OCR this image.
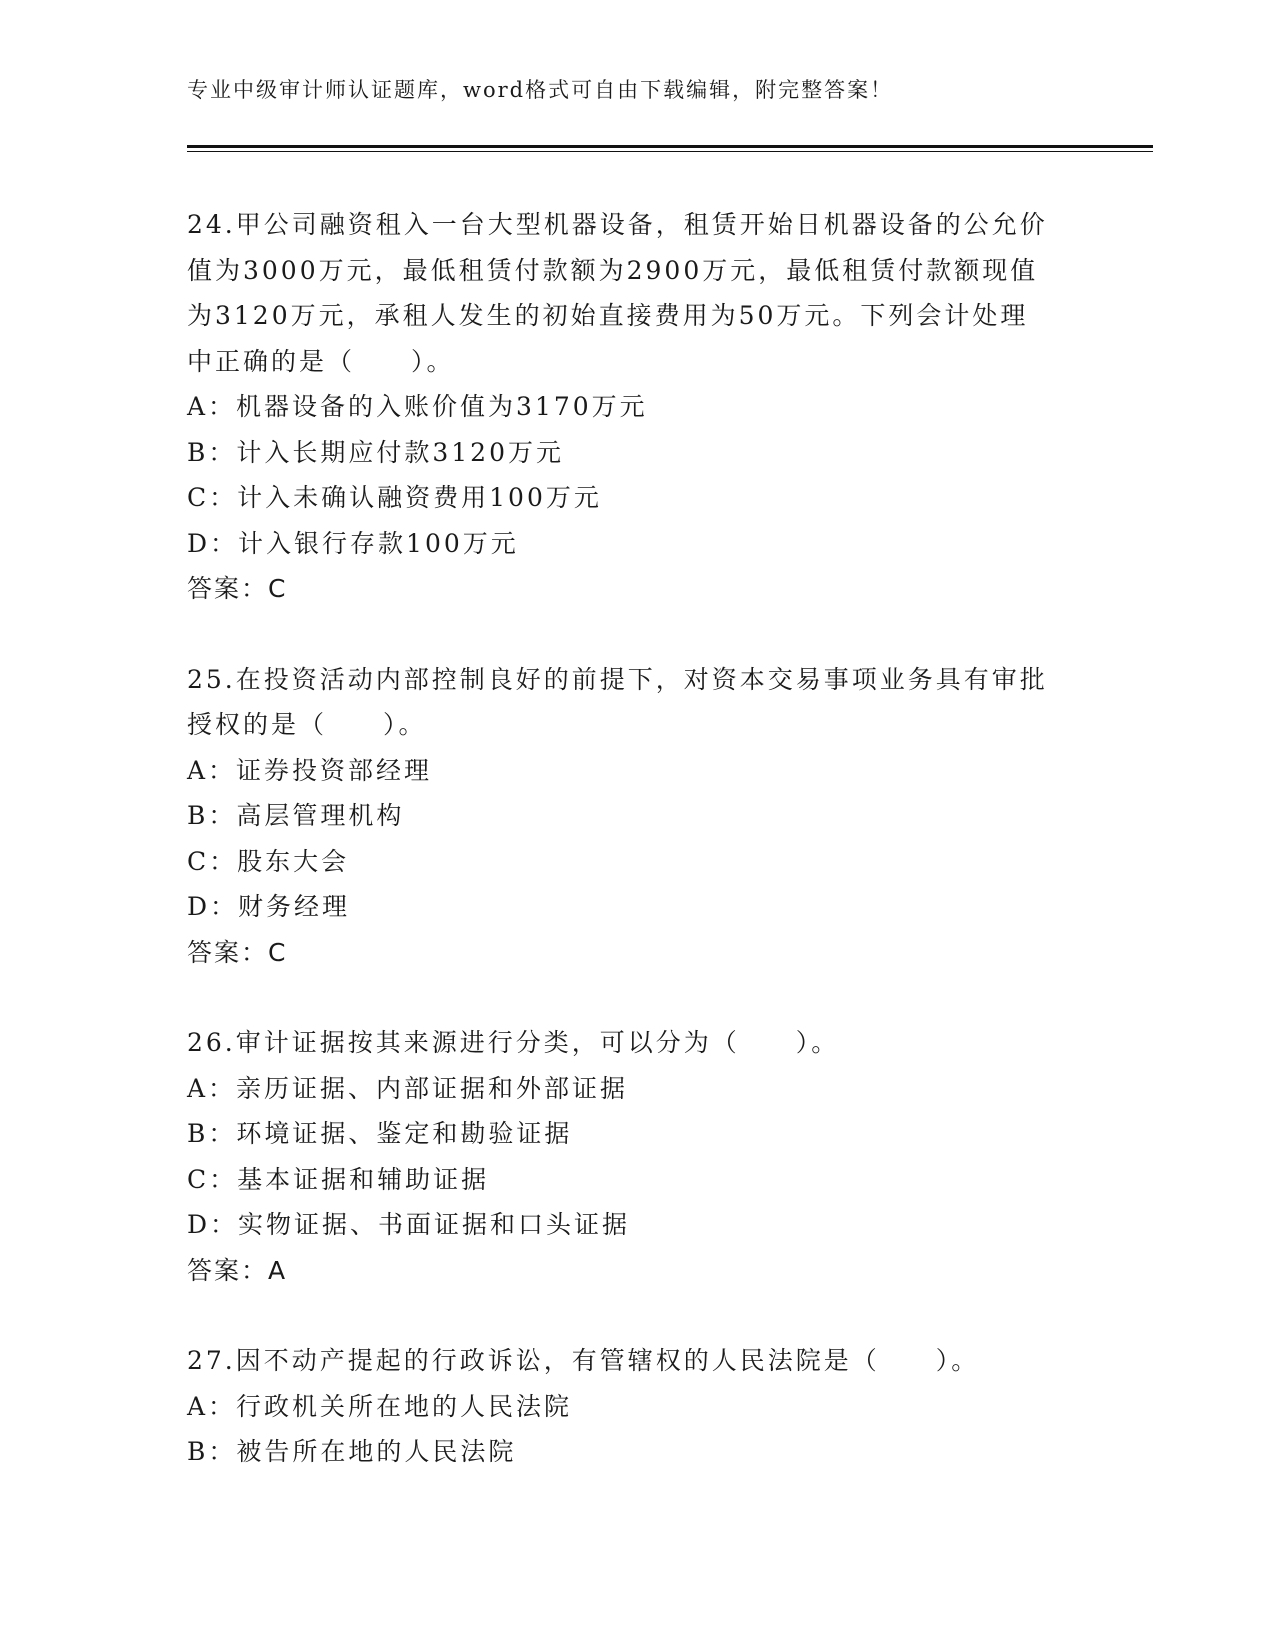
专业中级审计师认证题库，word格式可自由下载编辑，附完整答案！
24.甲公司融资租入一台大型机器设备，租赁开始日机器设备的公允价
值为3000万元，最低租赁付款额为2900万元，最低租赁付款额现值
为3120万元，承租人发生的初始直接费用为50万元。下列会计处理
中正确的是（　　）。
A：机器设备的入账价值为3170万元
B：计入长期应付款3120万元
C：计入未确认融资费用100万元
D：计入银行存款100万元
答案：C
25.在投资活动内部控制良好的前提下，对资本交易事项业务具有审批
授权的是（　　）。
A：证券投资部经理
B：高层管理机构
C：股东大会
D：财务经理
答案：C
26.审计证据按其来源进行分类，可以分为（　　）。
A：亲历证据、内部证据和外部证据
B：环境证据、鉴定和勘验证据
C：基本证据和辅助证据
D：实物证据、书面证据和口头证据
答案：A
27.因不动产提起的行政诉讼，有管辖权的人民法院是（　　）。
A：行政机关所在地的人民法院
B：被告所在地的人民法院
